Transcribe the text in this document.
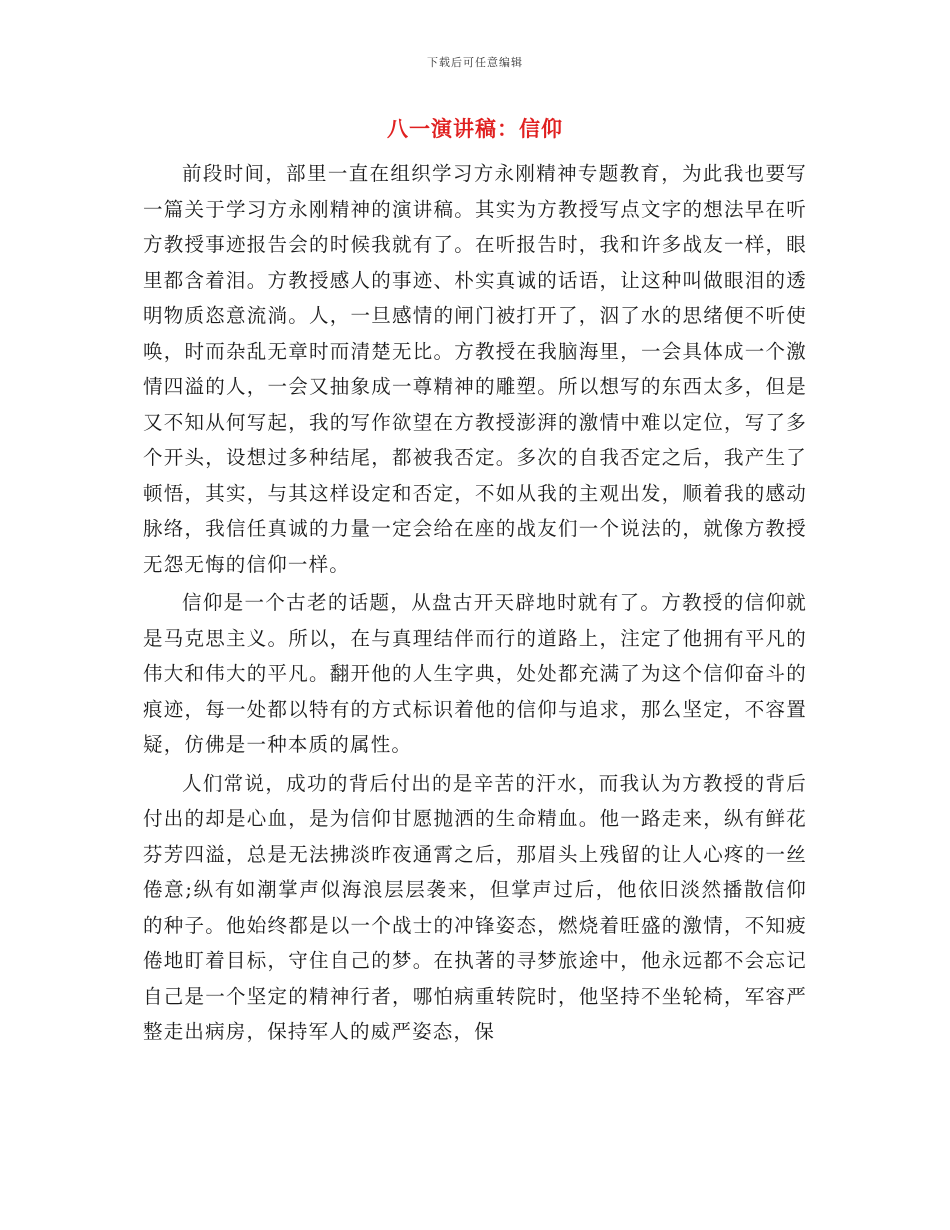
下载后可任意编辑
八一演讲稿：信仰

前段时间，部里一直在组织学习方永刚精神专题教育，为此我也要写一篇关于学习方永刚精神的演讲稿。其实为方教授写点文字的想法早在听方教授事迹报告会的时候我就有了。在听报告时，我和许多战友一样，眼里都含着泪。方教授感人的事迹、朴实真诚的话语，让这种叫做眼泪的透明物质恣意流淌。人，一旦感情的闸门被打开了，泅了水的思绪便不听使唤，时而杂乱无章时而清楚无比。方教授在我脑海里，一会具体成一个激情四溢的人，一会又抽象成一尊精神的雕塑。所以想写的东西太多，但是又不知从何写起，我的写作欲望在方教授澎湃的激情中难以定位，写了多个开头，设想过多种结尾，都被我否定。多次的自我否定之后，我产生了顿悟，其实，与其这样设定和否定，不如从我的主观出发，顺着我的感动脉络，我信任真诚的力量一定会给在座的战友们一个说法的，就像方教授无怨无悔的信仰一样。

信仰是一个古老的话题，从盘古开天辟地时就有了。方教授的信仰就是马克思主义。所以，在与真理结伴而行的道路上，注定了他拥有平凡的伟大和伟大的平凡。翻开他的人生字典，处处都充满了为这个信仰奋斗的痕迹，每一处都以特有的方式标识着他的信仰与追求，那么坚定，不容置疑，仿佛是一种本质的属性。

人们常说，成功的背后付出的是辛苦的汗水，而我认为方教授的背后付出的却是心血，是为信仰甘愿抛洒的生命精血。他一路走来，纵有鲜花芬芳四溢，总是无法拂淡昨夜通霄之后，那眉头上残留的让人心疼的一丝倦意;纵有如潮掌声似海浪层层袭来，但掌声过后，他依旧淡然播散信仰的种子。他始终都是以一个战士的冲锋姿态，燃烧着旺盛的激情，不知疲倦地盯着目标，守住自己的梦。在执著的寻梦旅途中，他永远都不会忘记自己是一个坚定的精神行者，哪怕病重转院时，他坚持不坐轮椅，军容严整走出病房，保持军人的威严姿态，保
